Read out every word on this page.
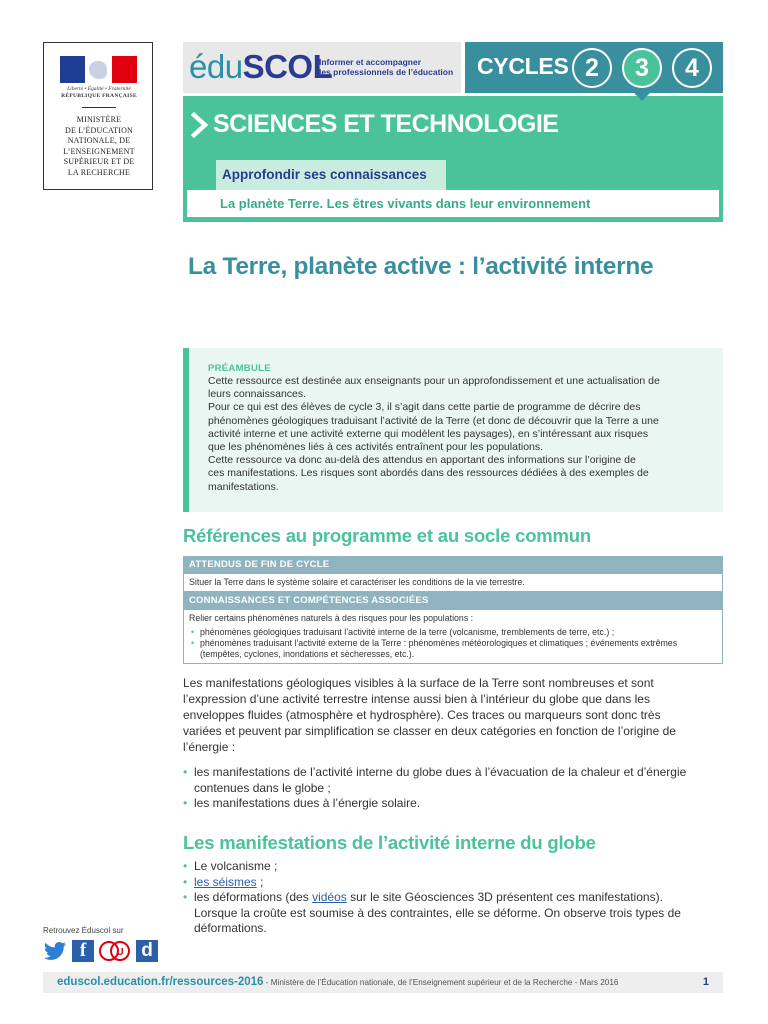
Liberté • Égalité • Fraternité
RÉPUBLIQUE FRANÇAISE
MINISTÈRE
DE L’ÉDUCATION
NATIONALE, DE
L’ENSEIGNEMENT
SUPÉRIEUR ET DE
LA RECHERCHE
éduSCOL
Informer et accompagner
les professionnels de l’éducation	CYCLES 2	3	4
SCIENCES ET TECHNOLOGIE
Approfondir ses connaissances
La planète Terre. Les êtres vivants dans leur environnement
La Terre, planète active : l’activité interne
PRÉAMBULE
Cette ressource est destinée aux enseignants pour un approfondissement et une actualisation de
leurs connaissances.
Pour ce qui est des élèves de cycle 3, il s’agit dans cette partie de programme de décrire des
phénomènes géologiques traduisant l’activité de la Terre (et donc de découvrir que la Terre a une
activité interne et une activité externe qui modèlent les paysages), en s’intéressant aux risques
que les phénomènes liés à ces activités entraînent pour les populations.
Cette ressource va donc au-delà des attendus en apportant des informations sur l’origine de
ces manifestations. Les risques sont abordés dans des ressources dédiées à des exemples de
manifestations.
Références au programme et au socle commun
ATTENDUS DE FIN DE CYCLE
Situer la Terre dans le système solaire et caractériser les conditions de la vie terrestre.
CONNAISSANCES ET COMPÉTENCES ASSOCIÉES
Relier certains phénomènes naturels à des risques pour les populations :
• phénomènes géologiques traduisant l’activité interne de la terre (volcanisme, tremblements de terre, etc.) ;
• phénomènes traduisant l’activité externe de la Terre : phénomènes météorologiques et climatiques ; événements extrêmes (tempêtes, cyclones, inondations et sècheresses, etc.).
Les manifestations géologiques visibles à la surface de la Terre sont nombreuses et sont
l’expression d’une activité terrestre intense aussi bien à l’intérieur du globe que dans les
enveloppes fluides (atmosphère et hydrosphère). Ces traces ou marqueurs sont donc très
variées et peuvent par simplification se classer en deux catégories en fonction de l’origine de
l’énergie :
• les manifestations de l’activité interne du globe dues à l’évacuation de la chaleur et d’énergie
contenues dans le globe ;
• les manifestations dues à l’énergie solaire.
Les manifestations de l’activité interne du globe
• Le volcanisme ;
• les séismes ;
• les déformations (des vidéos sur le site Géosciences 3D présentent ces manifestations).
Lorsque la croûte est soumise à des contraintes, elle se déforme. On observe trois types de
déformations.
Retrouvez Éduscol sur
f	U d
eduscol.education.fr/ressources-2016 - Ministère de l’Éducation nationale, de l’Enseignement supérieur et de la Recherche - Mars 2016	1
